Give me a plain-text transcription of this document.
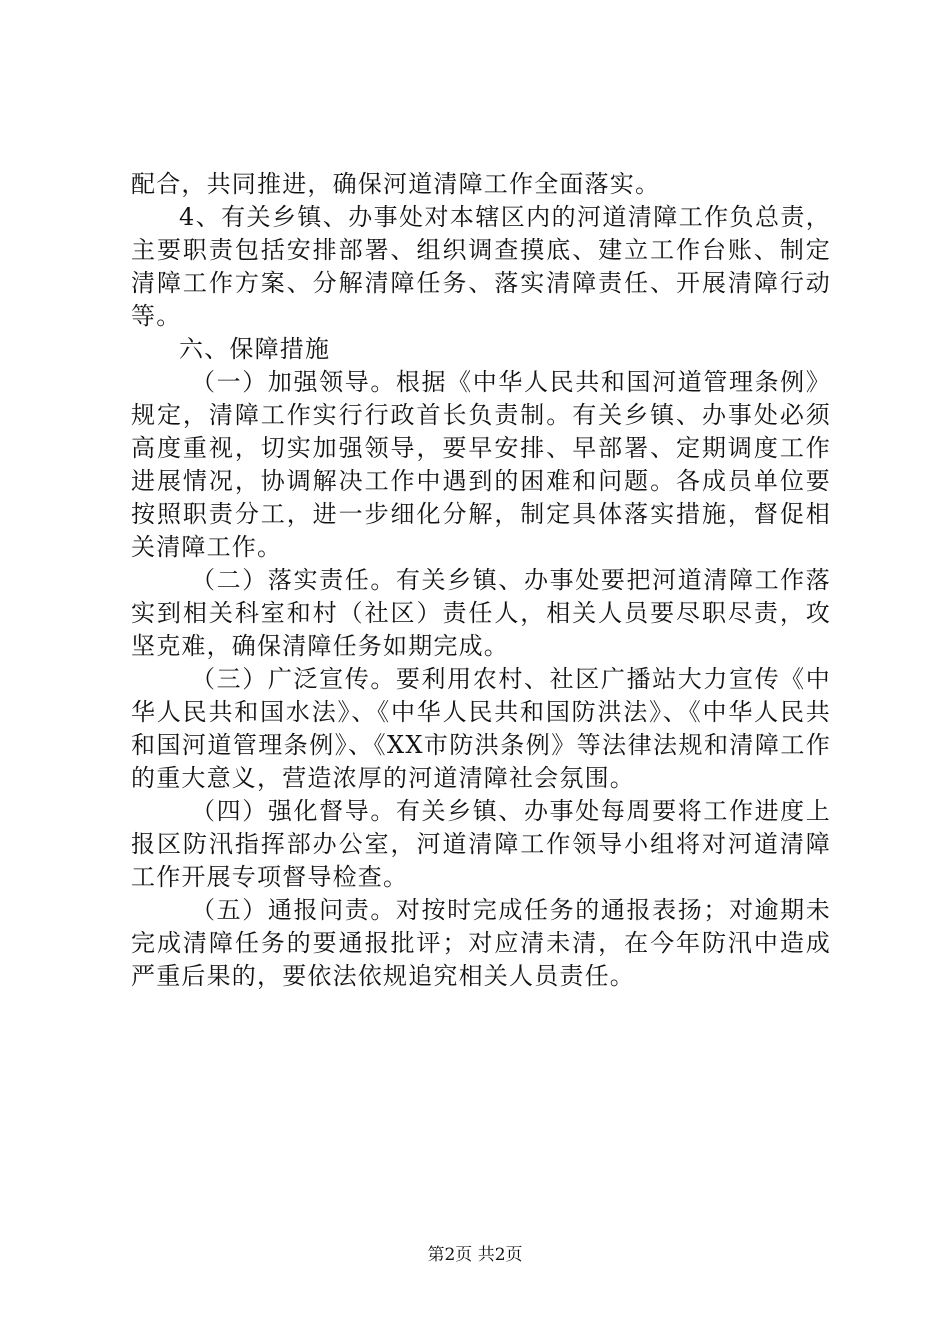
配合，共同推进，确保河道清障工作全面落实。

4、有关乡镇、办事处对本辖区内的河道清障工作负总责，主要职责包括安排部署、组织调查摸底、建立工作台账、制定清障工作方案、分解清障任务、落实清障责任、开展清障行动等。

六、保障措施

（一）加强领导。根据《中华人民共和国河道管理条例》规定，清障工作实行行政首长负责制。有关乡镇、办事处必须高度重视，切实加强领导，要早安排、早部署、定期调度工作进展情况，协调解决工作中遇到的困难和问题。各成员单位要按照职责分工，进一步细化分解，制定具体落实措施，督促相关清障工作。

（二）落实责任。有关乡镇、办事处要把河道清障工作落实到相关科室和村（社区）责任人，相关人员要尽职尽责，攻坚克难，确保清障任务如期完成。

（三）广泛宣传。要利用农村、社区广播站大力宣传《中华人民共和国水法》、《中华人民共和国防洪法》、《中华人民共和国河道管理条例》、《XX市防洪条例》等法律法规和清障工作的重大意义，营造浓厚的河道清障社会氛围。

（四）强化督导。有关乡镇、办事处每周要将工作进度上报区防汛指挥部办公室，河道清障工作领导小组将对河道清障工作开展专项督导检查。

（五）通报问责。对按时完成任务的通报表扬；对逾期未完成清障任务的要通报批评；对应清未清，在今年防汛中造成严重后果的，要依法依规追究相关人员责任。

第2页 共2页
